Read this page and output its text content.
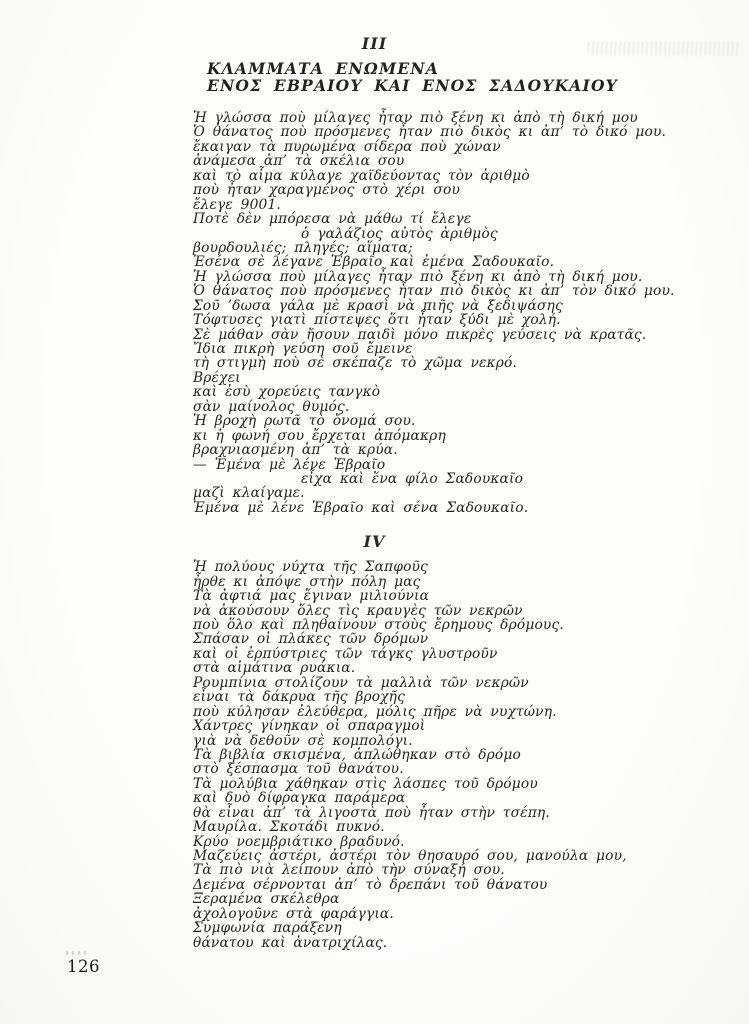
III
ΚΛΑΜΜΑΤΑ ΕΝΩΜΕΝΑ
ΕΝΟΣ ΕΒΡΑΙΟΥ ΚΑΙ ΕΝΟΣ ΣΑΔΟΥΚΑΙΟΥ
Ἡ γλώσσα ποὺ μίλαγες ἦταν πιὸ ξένη κι ἀπὸ τὴ δική μου
Ὁ θάνατος ποὺ πρόσμενες ἦταν πιὸ δικὸς κι ἀπ’ τὸ δικό μου.
ἔκαιγαν τὰ πυρωμένα σίδερα ποὺ χώναν
ἀνάμεσα ἀπ’ τὰ σκέλια σου
καὶ τὸ αἷμα κύλαγε χαϊδεύοντας τὸν ἀριθμὸ
ποὺ ἦταν χαραγμένος στὸ χέρι σου
ἔλεγε 9001.
Ποτὲ δὲν μπόρεσα νὰ μάθω τί ἔλεγε
ὁ γαλάζιος αὐτὸς ἀριθμὸς
βουρδουλιές; πληγές; αἵματα;
Ἐσένα σὲ λέγανε Ἑβραῖο καὶ ἐμένα Σαδουκαῖο.
Ἡ γλώσσα ποὺ μίλαγες ἦταν πιὸ ξένη κι ἀπὸ τὴ δική μου.
Ὁ θάνατος ποὺ πρόσμενες ἦταν πιὸ δικὸς κι ἀπ’ τὸν δικό μου.
Σοῦ ’δωσα γάλα μὲ κρασὶ νὰ πιῆς νὰ ξεδιψάσης
Τόφτυσες γιατὶ πίστεψες ὅτι ἦταν ξύδι μὲ χολή.
Σὲ μάθαν σὰν ἤσουν παιδὶ μόνο πικρὲς γεύσεις νὰ κρατᾶς.
Ἴδια πικρὴ γεύση σοῦ ἔμεινε
τὴ στιγμὴ ποὺ σὲ σκέπαζε τὸ χῶμα νεκρό.
Βρέχει
καὶ ἐσὺ χορεύεις τανγκὸ
σὰν μαίνολος θυμός.
Ἡ βροχὴ ρωτᾶ τὸ ὄνομά σου.
κι ἡ φωνή σου ἔρχεται ἀπόμακρη
βραχνιασμένη ἀπ’ τὰ κρύα.
— Ἐμένα μὲ λένε Ἑβραῖο
εἶχα καὶ ἕνα φίλο Σαδουκαῖο
μαζὶ κλαίγαμε.
Ἐμένα μὲ λένε Ἑβραῖο καὶ σένα Σαδουκαῖο.
IV
Ἡ πολύους νύχτα τῆς Σαπφοῦς
ἦρθε κι ἀπόψε στὴν πόλη μας
Τὰ ἀφτιά μας ἔγιναν μιλιούνια
νὰ ἀκούσουν ὅλες τὶς κραυγὲς τῶν νεκρῶν
ποὺ ὅλο καὶ πληθαίνουν στοὺς ἔρημους δρόμους.
Σπάσαν οἱ πλάκες τῶν δρόμων
καὶ οἱ ἑρπύστριες τῶν τάγκς γλυστροῦν
στὰ αἱμάτινα ρυάκια.
Ρουμπίνια στολίζουν τὰ μαλλιὰ τῶν νεκρῶν
εἶναι τὰ δάκρυα τῆς βροχῆς
ποὺ κύλησαν ἐλεύθερα, μόλις πῆρε νὰ νυχτώνη.
Χάντρες γίνηκαν οἱ σπαραγμοὶ
γιὰ νὰ δεθοῦν σὲ κομπολόγι.
Τὰ βιβλία σκισμένα, ἁπλώθηκαν στὸ δρόμο
στὸ ξέσπασμα τοῦ θανάτου.
Τὰ μολύβια χάθηκαν στὶς λάσπες τοῦ δρόμου
καὶ δυὸ δίφραγκα παράμερα
θὰ εἶναι ἀπ’ τὰ λιγοστὰ ποὺ ἦταν στὴν τσέπη.
Μαυρίλα. Σκοτάδι πυκνό.
Κρύο νοεμβριάτικο βραδυνό.
Μαζεύεις ἀστέρι, ἀστέρι τὸν θησαυρό σου, μανούλα μου,
Τὰ πιὸ νιὰ λείπουν ἀπὸ τὴν σύναξή σου.
Δεμένα σέρνονται ἀπ’ τὸ δρεπάνι τοῦ θάνατου
Ξεραμένα σκέλεθρα
ἀχολογοῦνε στὰ φαράγγια.
Συμφωνία παράξενη
θάνατου καὶ ἀνατριχίλας.
126
